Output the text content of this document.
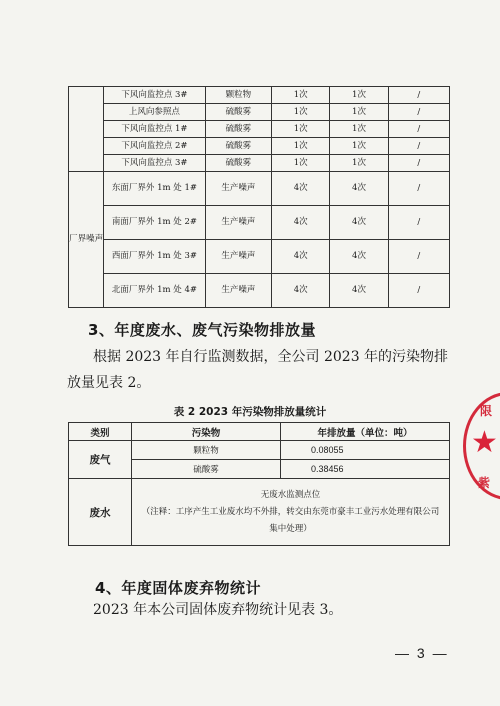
	下风向监控点 3#	颗粒物	1次	1次	/
	上风向参照点	硫酸雾	1次	1次	/
	下风向监控点 1#	硫酸雾	1次	1次	/
	下风向监控点 2#	硫酸雾	1次	1次	/
	下风向监控点 3#	硫酸雾	1次	1次	/
厂界噪声	东面厂界外 1m 处 1#	生产噪声	4次	4次	/

	南面厂界外 1m 处 2#	生产噪声	4次	4次	/

	西面厂界外 1m 处 3#	生产噪声	4次	4次	/

	北面厂界外 1m 处 4#	生产噪声	4次	4次	/
3、年度废水、废气污染物排放量
根据 2023 年自行监测数据，全公司 2023 年的污染物排放量见表 2。
表 2 2023 年污染物排放量统计
类别	污染物	年排放量（单位：吨）
废气	颗粒物	0.08055
	硫酸雾	0.38456
废水	无废水监测点位
（注释：工序产生工业废水均不外排，转交由东莞市豪丰工业污水处理有限公司集中处理）	
4、年度固体废弃物统计
2023 年本公司固体废弃物统计见表 3。
— 3 —
限
★
紫
